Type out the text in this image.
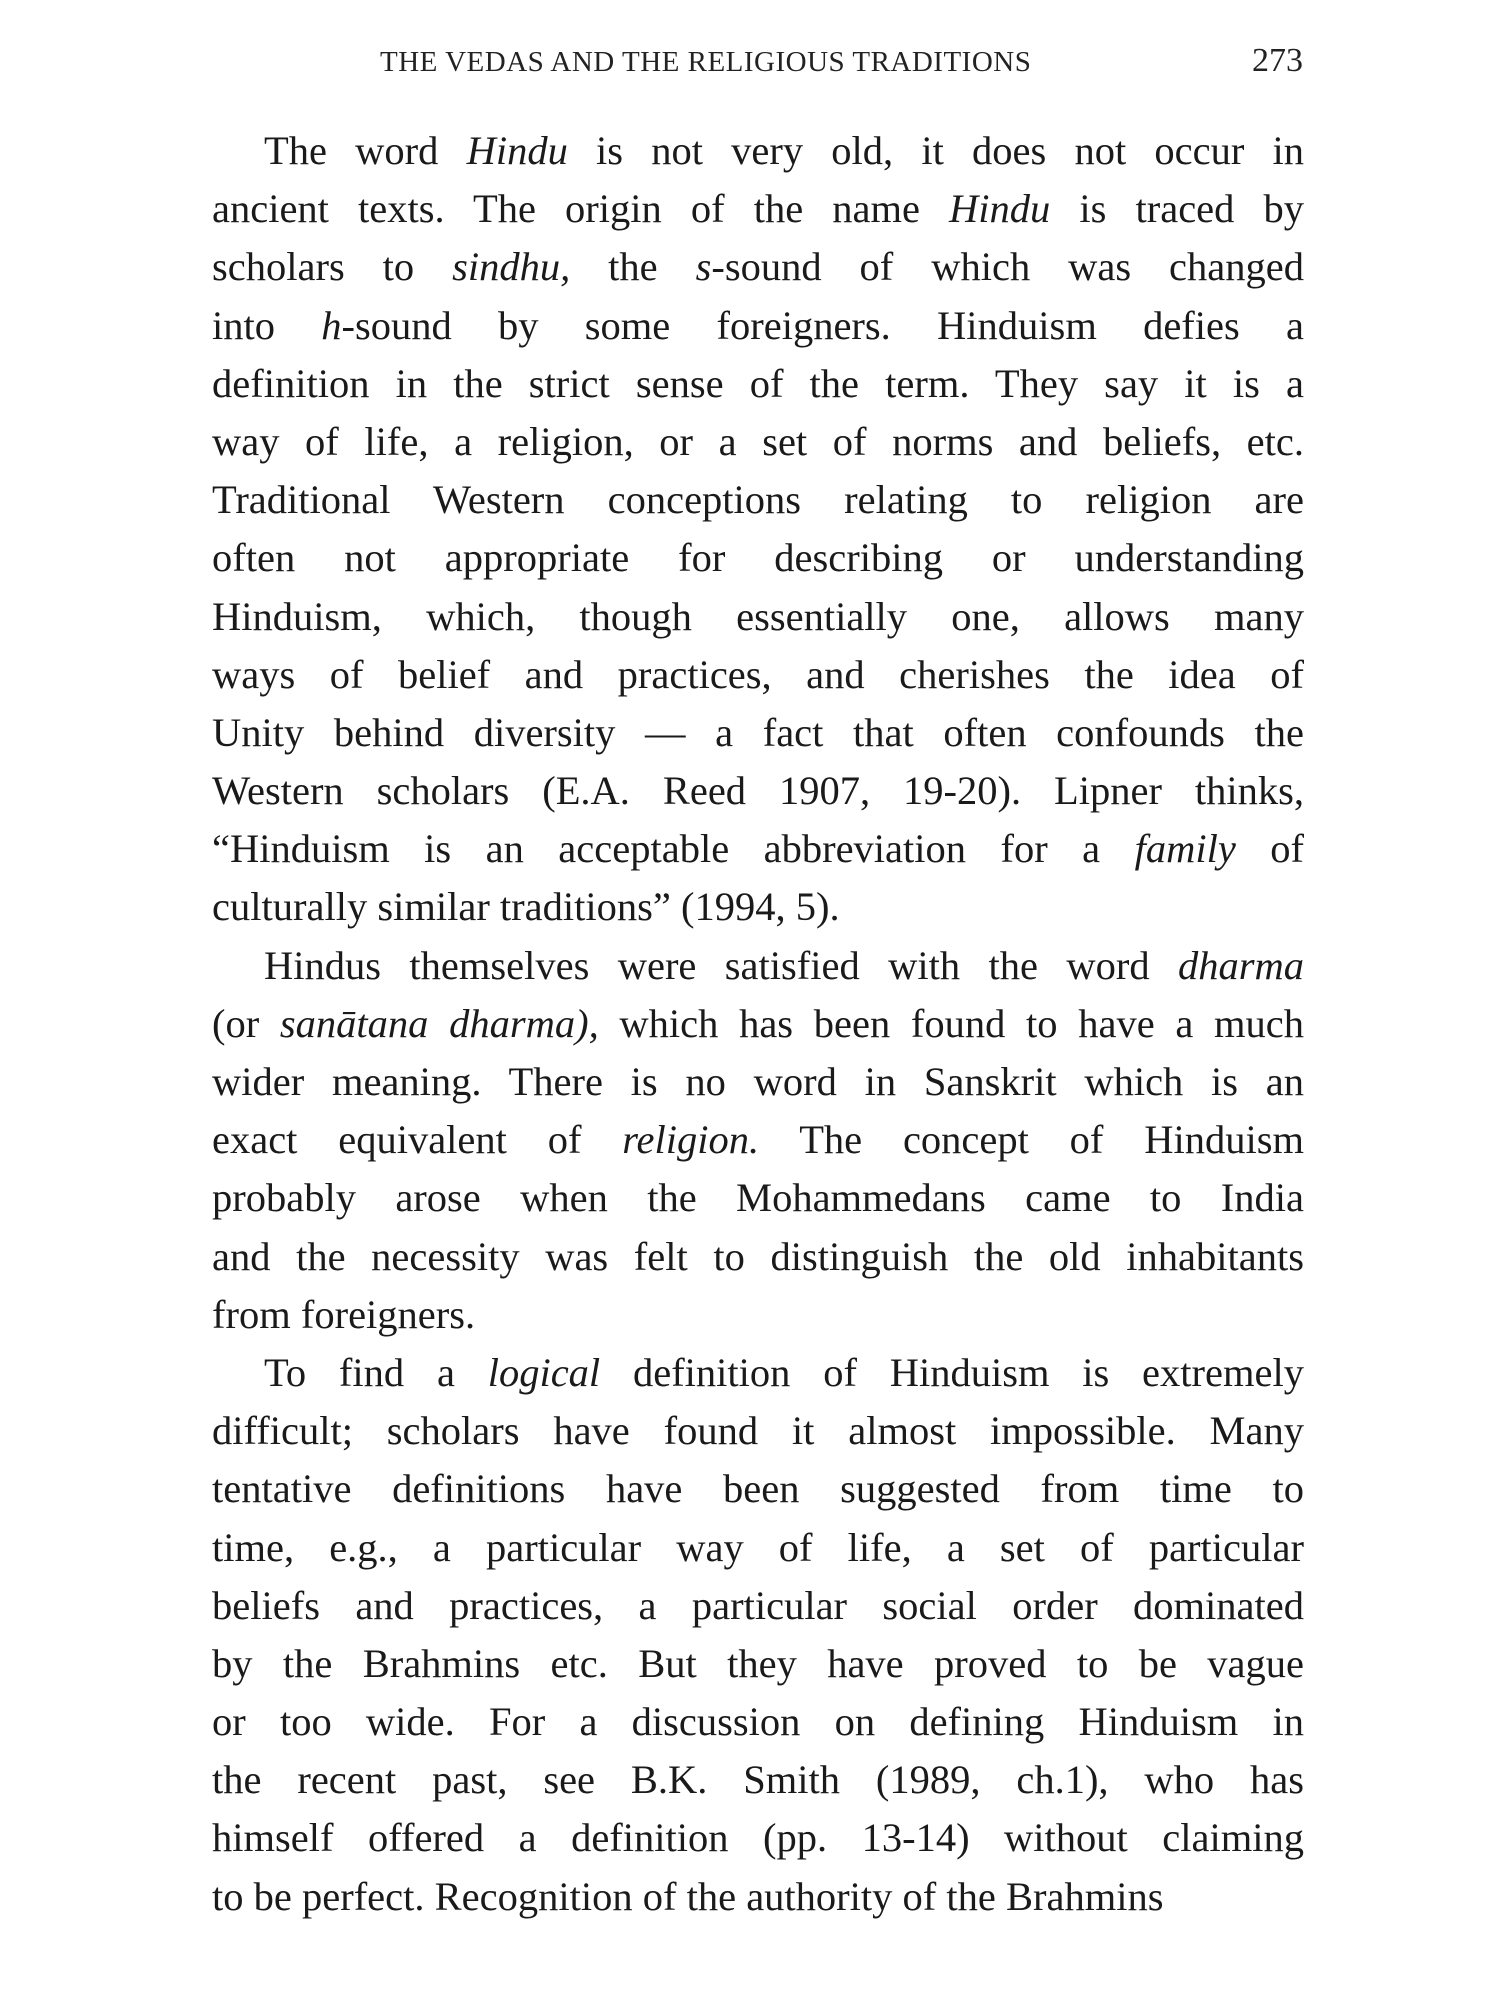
THE VEDAS AND THE RELIGIOUS TRADITIONS	273
The word Hindu is not very old, it does not occur in
ancient texts. The origin of the name Hindu is traced by
scholars to sindhu, the s-sound of which was changed
into h-sound by some foreigners. Hinduism defies a
definition in the strict sense of the term. They say it is a
way of life, a religion, or a set of norms and beliefs, etc.
Traditional Western conceptions relating to religion are
often not appropriate for describing or understanding
Hinduism, which, though essentially one, allows many
ways of belief and practices, and cherishes the idea of
Unity behind diversity — a fact that often confounds the
Western scholars (E.A. Reed 1907, 19-20). Lipner thinks,
“Hinduism is an acceptable abbreviation for a family of
culturally similar traditions” (1994, 5).
Hindus themselves were satisfied with the word dharma
(or sanātana dharma), which has been found to have a much
wider meaning. There is no word in Sanskrit which is an
exact equivalent of religion. The concept of Hinduism
probably arose when the Mohammedans came to India
and the necessity was felt to distinguish the old inhabitants
from foreigners.
To find a logical definition of Hinduism is extremely
difficult; scholars have found it almost impossible. Many
tentative definitions have been suggested from time to
time, e.g., a particular way of life, a set of particular
beliefs and practices, a particular social order dominated
by the Brahmins etc. But they have proved to be vague
or too wide. For a discussion on defining Hinduism in
the recent past, see B.K. Smith (1989, ch.1), who has
himself offered a definition (pp. 13-14) without claiming
to be perfect. Recognition of the authority of the Brahmins
